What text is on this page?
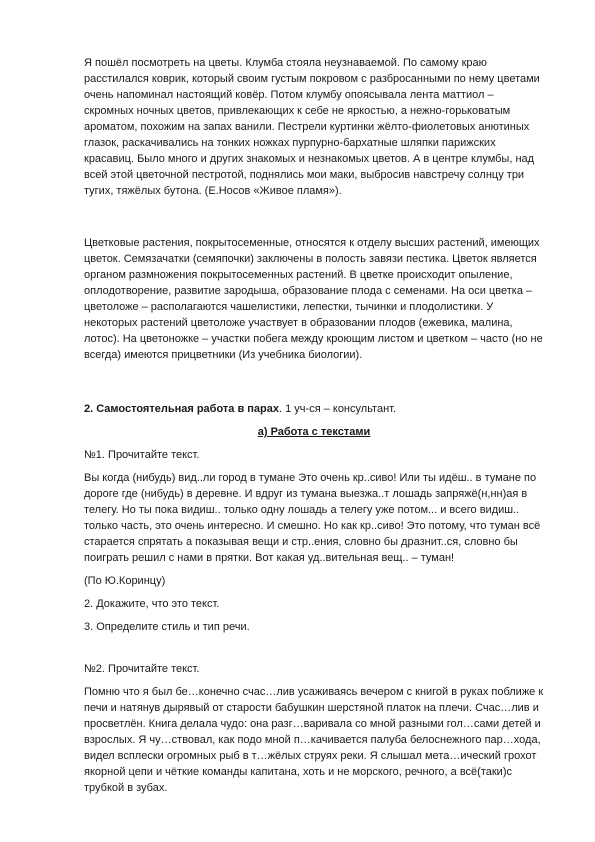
Я пошёл посмотреть на цветы. Клумба стояла неузнаваемой. По самому краю расстилался коврик, который своим густым покровом с разбросанными по нему цветами очень напоминал настоящий ковёр. Потом клумбу опоясывала лента маттиол – скромных ночных цветов, привлекающих к себе не яркостью, а нежно-горьковатым ароматом, похожим на запах ванили. Пестрели куртинки жёлто-фиолетовых анютиных глазок, раскачивались на тонких ножках пурпурно-бархатные шляпки парижских красавиц. Было много и других знакомых и незнакомых цветов. А в центре клумбы, над всей этой цветочной пестротой, поднялись мои маки, выбросив навстречу солнцу три тугих, тяжёлых бутона. (Е.Носов «Живое пламя»).

Цветковые растения, покрытосеменные, относятся к отделу высших растений, имеющих цветок. Семязачатки (семяпочки) заключены в полость завязи пестика. Цветок является органом размножения покрытосеменных растений. В цветке происходит опыление, оплодотворение, развитие зародыша, образование плода с семенами. На оси цветка – цветоложе – располагаются чашелистики, лепестки, тычинки и плодолистики. У некоторых растений цветоложе участвует в образовании плодов (ежевика, малина, лотос). На цветоножке – участки побега между кроющим листом и цветком – часто (но не всегда) имеются прицветники (Из учебника биологии).

2. Самостоятельная работа в парах. 1 уч-ся – консультант.

а) Работа с текстами

№1. Прочитайте текст.

Вы когда (нибудь) вид..ли город в тумане Это очень кр..сиво! Или ты идёш.. в тумане по дороге где (нибудь) в деревне. И вдруг из тумана выезжа..т лошадь запряжё(н,нн)ая в телегу. Но ты пока видиш.. только одну лошадь а телегу уже потом... и всего видиш.. только часть, это очень интересно. И смешно. Но как кр..сиво! Это потому, что туман всё старается спрятать а показывая вещи и стр..ения, словно бы дразнит..ся, словно бы поиграть решил с нами в прятки. Вот какая уд..вительная вещ.. – туман!

(По Ю.Коринцу)

2. Докажите, что это текст.

3. Определите стиль и тип речи.

№2. Прочитайте текст.

Помню что я был бе…конечно счас…лив усаживаясь вечером с книгой в руках поближе к печи и натянув дырявый от старости бабушкин шерстяной платок на плечи. Счас…лив и просветлён. Книга делала чудо: она разг…варивала со мной разными гол…сами детей и взрослых. Я чу…ствовал, как подо мной п…качивается палуба белоснежного пар…хода, видел всплески огромных рыб в т…жёлых струях реки. Я слышал мета…ический грохот якорной цепи и чёткие команды капитана, хоть и не морского, речного, а всё(таки)с трубкой в зубах.
